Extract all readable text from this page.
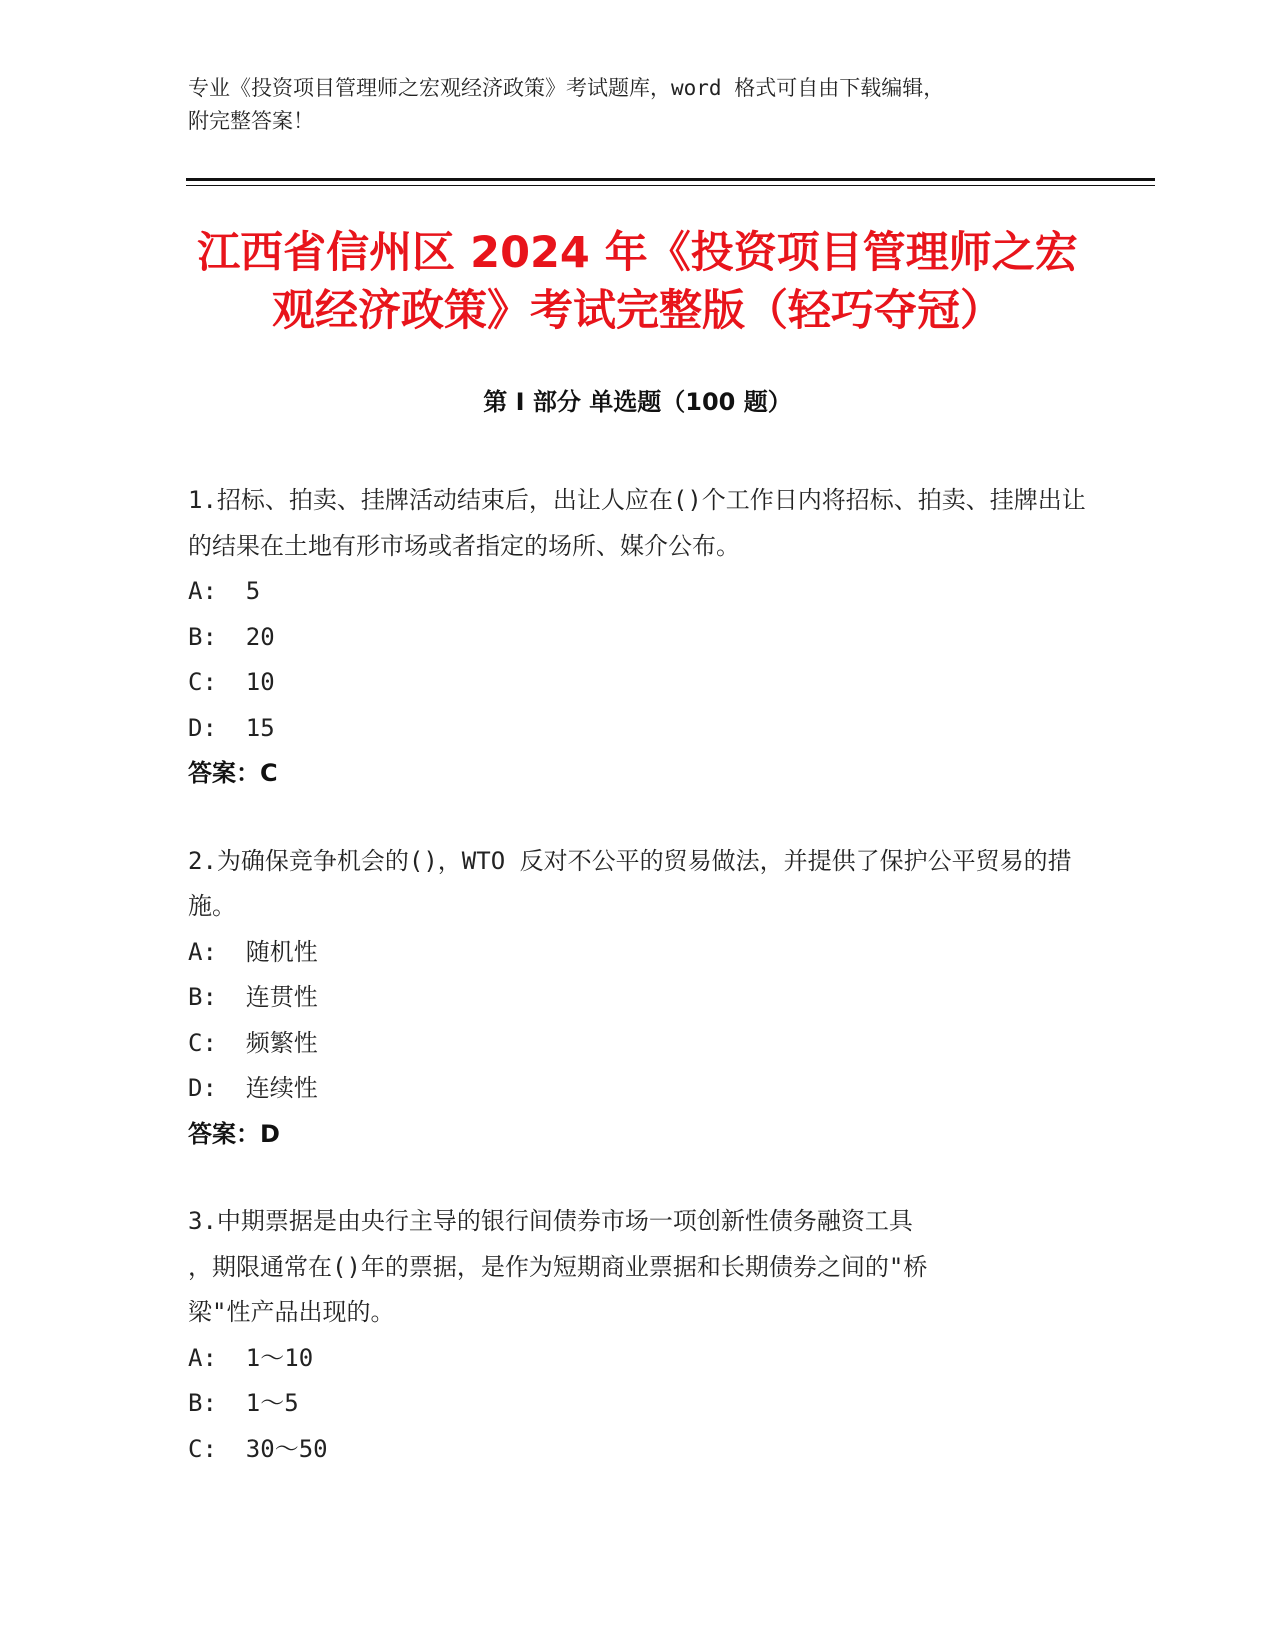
专业《投资项目管理师之宏观经济政策》考试题库，word 格式可自由下载编辑，
附完整答案！
江西省信州区 2024 年《投资项目管理师之宏
观经济政策》考试完整版（轻巧夺冠）
第 I 部分 单选题（100 题）

1.招标、拍卖、挂牌活动结束后，出让人应在()个工作日内将招标、拍卖、挂牌出让的结果在土地有形市场或者指定的场所、媒介公布。

A:  5

B:  20

C:  10

D:  15

答案：C

2.为确保竞争机会的()，WTO 反对不公平的贸易做法，并提供了保护公平贸易的措施。

A:  随机性

B:  连贯性

C:  频繁性

D:  连续性

答案：D

3.中期票据是由央行主导的银行间债券市场一项创新性债务融资工具

，期限通常在()年的票据，是作为短期商业票据和长期债券之间的"桥

梁"性产品出现的。

A:  1～10

B:  1～5

C:  30～50
